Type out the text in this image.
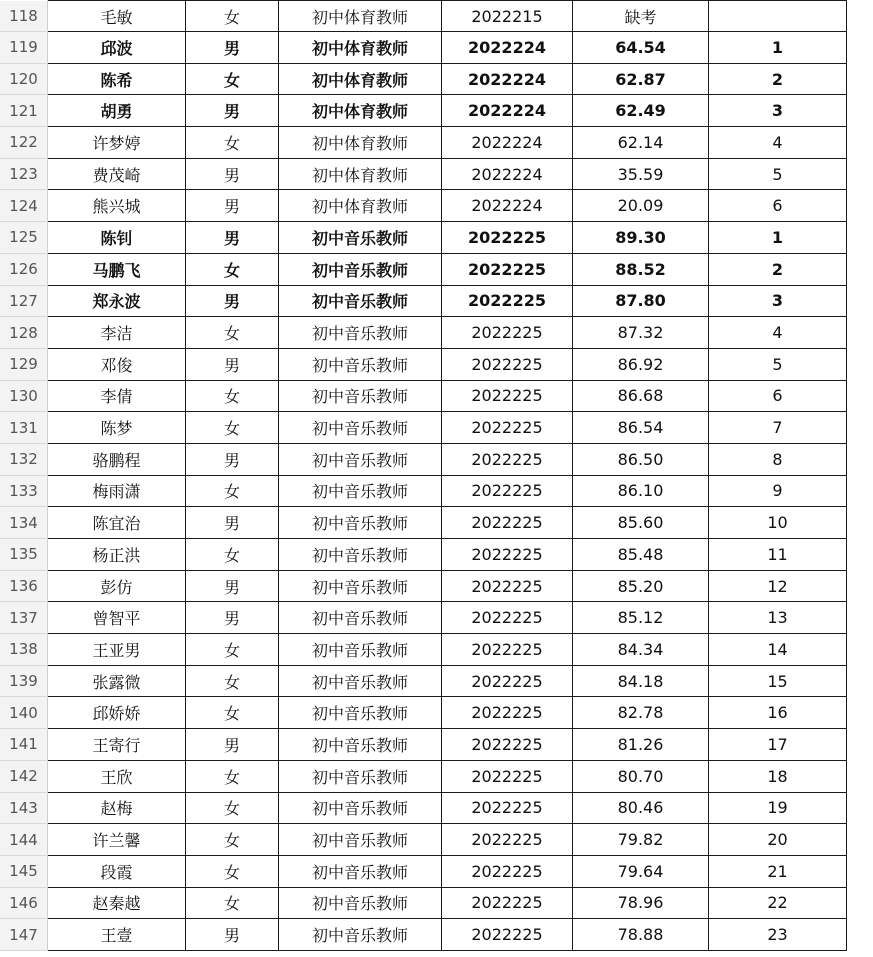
118	毛敏	女	初中体育教师	2022215	缺考	
119	邱波	男	初中体育教师	2022224	64.54	1
120	陈希	女	初中体育教师	2022224	62.87	2
121	胡勇	男	初中体育教师	2022224	62.49	3
122	许梦婷	女	初中体育教师	2022224	62.14	4
123	费茂崎	男	初中体育教师	2022224	35.59	5
124	熊兴城	男	初中体育教师	2022224	20.09	6
125	陈钊	男	初中音乐教师	2022225	89.30	1
126	马鹏飞	女	初中音乐教师	2022225	88.52	2
127	郑永波	男	初中音乐教师	2022225	87.80	3
128	李洁	女	初中音乐教师	2022225	87.32	4
129	邓俊	男	初中音乐教师	2022225	86.92	5
130	李倩	女	初中音乐教师	2022225	86.68	6
131	陈梦	女	初中音乐教师	2022225	86.54	7
132	骆鹏程	男	初中音乐教师	2022225	86.50	8
133	梅雨潇	女	初中音乐教师	2022225	86.10	9
134	陈宜治	男	初中音乐教师	2022225	85.60	10
135	杨正洪	女	初中音乐教师	2022225	85.48	11
136	彭仿	男	初中音乐教师	2022225	85.20	12
137	曾智平	男	初中音乐教师	2022225	85.12	13
138	王亚男	女	初中音乐教师	2022225	84.34	14
139	张露微	女	初中音乐教师	2022225	84.18	15
140	邱娇娇	女	初中音乐教师	2022225	82.78	16
141	王寄行	男	初中音乐教师	2022225	81.26	17
142	王欣	女	初中音乐教师	2022225	80.70	18
143	赵梅	女	初中音乐教师	2022225	80.46	19
144	许兰馨	女	初中音乐教师	2022225	79.82	20
145	段霞	女	初中音乐教师	2022225	79.64	21
146	赵秦越	女	初中音乐教师	2022225	78.96	22
147	王壹	男	初中音乐教师	2022225	78.88	23
